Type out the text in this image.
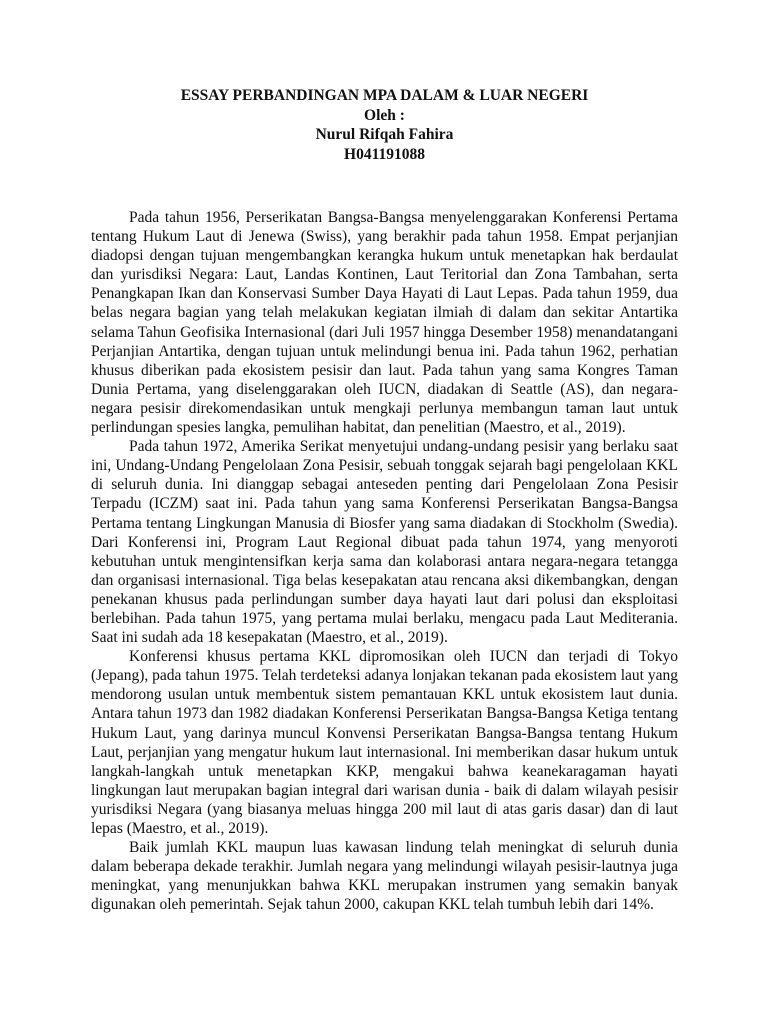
ESSAY PERBANDINGAN MPA DALAM & LUAR NEGERI
Oleh :
Nurul Rifqah Fahira
H041191088

Pada tahun 1956, Perserikatan Bangsa-Bangsa menyelenggarakan Konferensi Pertama tentang Hukum Laut di Jenewa (Swiss), yang berakhir pada tahun 1958. Empat perjanjian diadopsi dengan tujuan mengembangkan kerangka hukum untuk menetapkan hak berdaulat dan yurisdiksi Negara: Laut, Landas Kontinen, Laut Teritorial dan Zona Tambahan, serta Penangkapan Ikan dan Konservasi Sumber Daya Hayati di Laut Lepas. Pada tahun 1959, dua belas negara bagian yang telah melakukan kegiatan ilmiah di dalam dan sekitar Antartika selama Tahun Geofisika Internasional (dari Juli 1957 hingga Desember 1958) menandatangani Perjanjian Antartika, dengan tujuan untuk melindungi benua ini. Pada tahun 1962, perhatian khusus diberikan pada ekosistem pesisir dan laut. Pada tahun yang sama Kongres Taman Dunia Pertama, yang diselenggarakan oleh IUCN, diadakan di Seattle (AS), dan negara-negara pesisir direkomendasikan untuk mengkaji perlunya membangun taman laut untuk perlindungan spesies langka, pemulihan habitat, dan penelitian (Maestro, et al., 2019).

Pada tahun 1972, Amerika Serikat menyetujui undang-undang pesisir yang berlaku saat ini, Undang-Undang Pengelolaan Zona Pesisir, sebuah tonggak sejarah bagi pengelolaan KKL di seluruh dunia. Ini dianggap sebagai anteseden penting dari Pengelolaan Zona Pesisir Terpadu (ICZM) saat ini. Pada tahun yang sama Konferensi Perserikatan Bangsa-Bangsa Pertama tentang Lingkungan Manusia di Biosfer yang sama diadakan di Stockholm (Swedia). Dari Konferensi ini, Program Laut Regional dibuat pada tahun 1974, yang menyoroti kebutuhan untuk mengintensifkan kerja sama dan kolaborasi antara negara-negara tetangga dan organisasi internasional. Tiga belas kesepakatan atau rencana aksi dikembangkan, dengan penekanan khusus pada perlindungan sumber daya hayati laut dari polusi dan eksploitasi berlebihan. Pada tahun 1975, yang pertama mulai berlaku, mengacu pada Laut Mediterania. Saat ini sudah ada 18 kesepakatan (Maestro, et al., 2019).

Konferensi khusus pertama KKL dipromosikan oleh IUCN dan terjadi di Tokyo (Jepang), pada tahun 1975. Telah terdeteksi adanya lonjakan tekanan pada ekosistem laut yang mendorong usulan untuk membentuk sistem pemantauan KKL untuk ekosistem laut dunia. Antara tahun 1973 dan 1982 diadakan Konferensi Perserikatan Bangsa-Bangsa Ketiga tentang Hukum Laut, yang darinya muncul Konvensi Perserikatan Bangsa-Bangsa tentang Hukum Laut, perjanjian yang mengatur hukum laut internasional. Ini memberikan dasar hukum untuk langkah-langkah untuk menetapkan KKP, mengakui bahwa keanekaragaman hayati lingkungan laut merupakan bagian integral dari warisan dunia - baik di dalam wilayah pesisir yurisdiksi Negara (yang biasanya meluas hingga 200 mil laut di atas garis dasar) dan di laut lepas (Maestro, et al., 2019).

Baik jumlah KKL maupun luas kawasan lindung telah meningkat di seluruh dunia dalam beberapa dekade terakhir. Jumlah negara yang melindungi wilayah pesisir-lautnya juga meningkat, yang menunjukkan bahwa KKL merupakan instrumen yang semakin banyak digunakan oleh pemerintah. Sejak tahun 2000, cakupan KKL telah tumbuh lebih dari 14%.
